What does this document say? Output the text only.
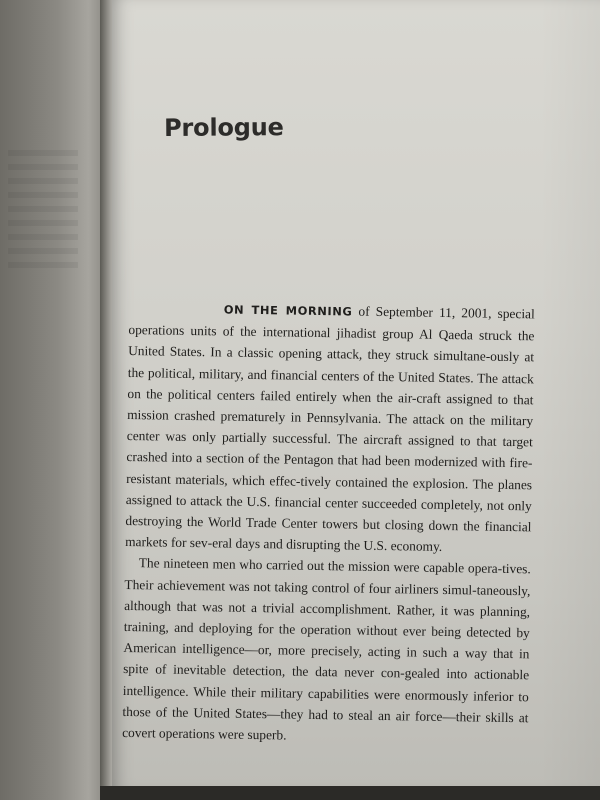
Prologue

ON THE MORNING of September 11, 2001, special operations units of the international jihadist group Al Qaeda struck the United States. In a classic opening attack, they struck simultane-ously at the political, military, and financial centers of the United States. The attack on the political centers failed entirely when the air-craft assigned to that mission crashed prematurely in Pennsylvania. The attack on the military center was only partially successful. The aircraft assigned to that target crashed into a section of the Pentagon that had been modernized with fire-resistant materials, which effec-tively contained the explosion. The planes assigned to attack the U.S. financial center succeeded completely, not only destroying the World Trade Center towers but closing down the financial markets for sev-eral days and disrupting the U.S. economy.

The nineteen men who carried out the mission were capable opera-tives. Their achievement was not taking control of four airliners simul-taneously, although that was not a trivial accomplishment. Rather, it was planning, training, and deploying for the operation without ever being detected by American intelligence—or, more precisely, acting in such a way that in spite of inevitable detection, the data never con-gealed into actionable intelligence. While their military capabilities were enormously inferior to those of the United States—they had to steal an air force—their skills at covert operations were superb.
